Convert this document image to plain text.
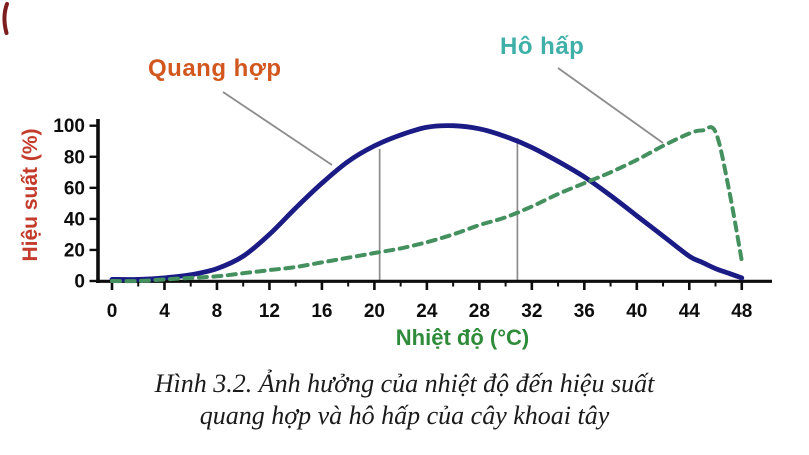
0 4 8 12 16 20 24 28 32 36 40 44 48
0
20
40
60
80
100
Quang hợp
Hô hấp
Hiệu suất (%)
Nhiệt độ (°C)
Hình 3.2. Ảnh hưởng của nhiệt độ đến hiệu suất
quang hợp và hô hấp của cây khoai tây
